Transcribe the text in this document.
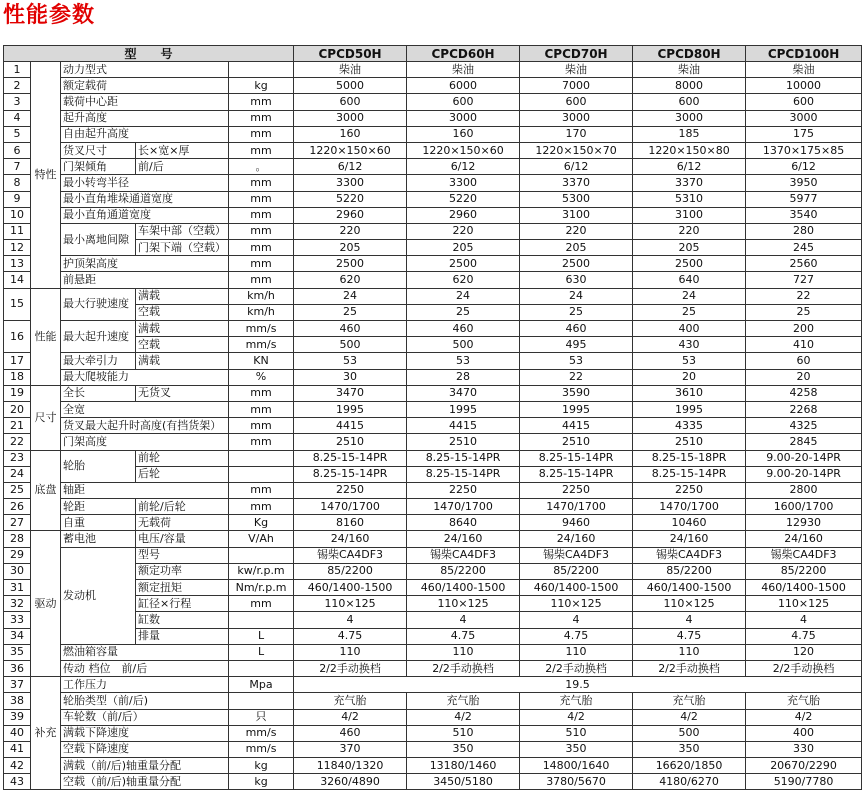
性能参数
型　　号					CPCD50H	CPCD60H	CPCD70H	CPCD80H	CPCD100H
1	特性	动力型式			柴油	柴油	柴油	柴油	柴油
2		额定载荷		kg	5000	6000	7000	8000	10000
3		载荷中心距		mm	600	600	600	600	600
4		起升高度		mm	3000	3000	3000	3000	3000
5		自由起升高度		mm	160	160	170	185	175
6		货叉尺寸	长×宽×厚	mm	1220×150×60	1220×150×60	1220×150×70	1220×150×80	1370×175×85
7		门架倾角	前/后	。	6/12	6/12	6/12	6/12	6/12
8		最小转弯半径		mm	3300	3300	3370	3370	3950
9		最小直角堆垛通道宽度		mm	5220	5220	5300	5310	5977
10		最小直角通道宽度		mm	2960	2960	3100	3100	3540
11		最小离地间隙	车架中部（空载）	mm	220	220	220	220	280
12			门架下端（空载）	mm	205	205	205	205	245
13		护顶架高度		mm	2500	2500	2500	2500	2560
14		前悬距		mm	620	620	630	640	727
15	性能	最大行驶速度	满载	km/h	24	24	24	24	22
			空载	km/h	25	25	25	25	25
16		最大起升速度	满载	mm/s	460	460	460	400	200
			空载	mm/s	500	500	495	430	410
17		最大牵引力	满载	KN	53	53	53	53	60
18		最大爬坡能力		%	30	28	22	20	20
19	尺寸	全长	无货叉	mm	3470	3470	3590	3610	4258
20		全宽		mm	1995	1995	1995	1995	2268
21		货叉最大起升时高度(有挡货架）		mm	4415	4415	4415	4335	4325
22		门架高度		mm	2510	2510	2510	2510	2845
23	底盘	轮胎	前轮		8.25-15-14PR	8.25-15-14PR	8.25-15-14PR	8.25-15-18PR	9.00-20-14PR
24			后轮		8.25-15-14PR	8.25-15-14PR	8.25-15-14PR	8.25-15-14PR	9.00-20-14PR
25		轴距		mm	2250	2250	2250	2250	2800
26		轮距	前轮/后轮	mm	1470/1700	1470/1700	1470/1700	1470/1700	1600/1700
27		自重	无载荷	Kg	8160	8640	9460	10460	12930
28	驱动	蓄电池	电压/容量	V/Ah	24/160	24/160	24/160	24/160	24/160
29		发动机	型号		锡柴CA4DF3	锡柴CA4DF3	锡柴CA4DF3	锡柴CA4DF3	锡柴CA4DF3
30			额定功率	kw/r.p.m	85/2200	85/2200	85/2200	85/2200	85/2200
31			额定扭矩	Nm/r.p.m	460/1400-1500	460/1400-1500	460/1400-1500	460/1400-1500	460/1400-1500
32			缸径×行程	mm	110×125	110×125	110×125	110×125	110×125
33			缸数		4	4	4	4	4
34			排量	L	4.75	4.75	4.75	4.75	4.75
35		燃油箱容量		L	110	110	110	110	120
36		传动 档位　前/后			2/2手动换档	2/2手动换档	2/2手动换档	2/2手动换档	2/2手动换档
37	补充	工作压力		Mpa	19.5				
38		轮胎类型（前/后)			充气胎	充气胎	充气胎	充气胎	充气胎
39		车轮数（前/后）		只	4/2	4/2	4/2	4/2	4/2
40		满载下降速度		mm/s	460	510	510	500	400
41		空载下降速度		mm/s	370	350	350	350	330
42		满载（前/后)轴重量分配		kg	11840/1320	13180/1460	14800/1640	16620/1850	20670/2290
43		空载（前/后)轴重量分配		kg	3260/4890	3450/5180	3780/5670	4180/6270	5190/7780
